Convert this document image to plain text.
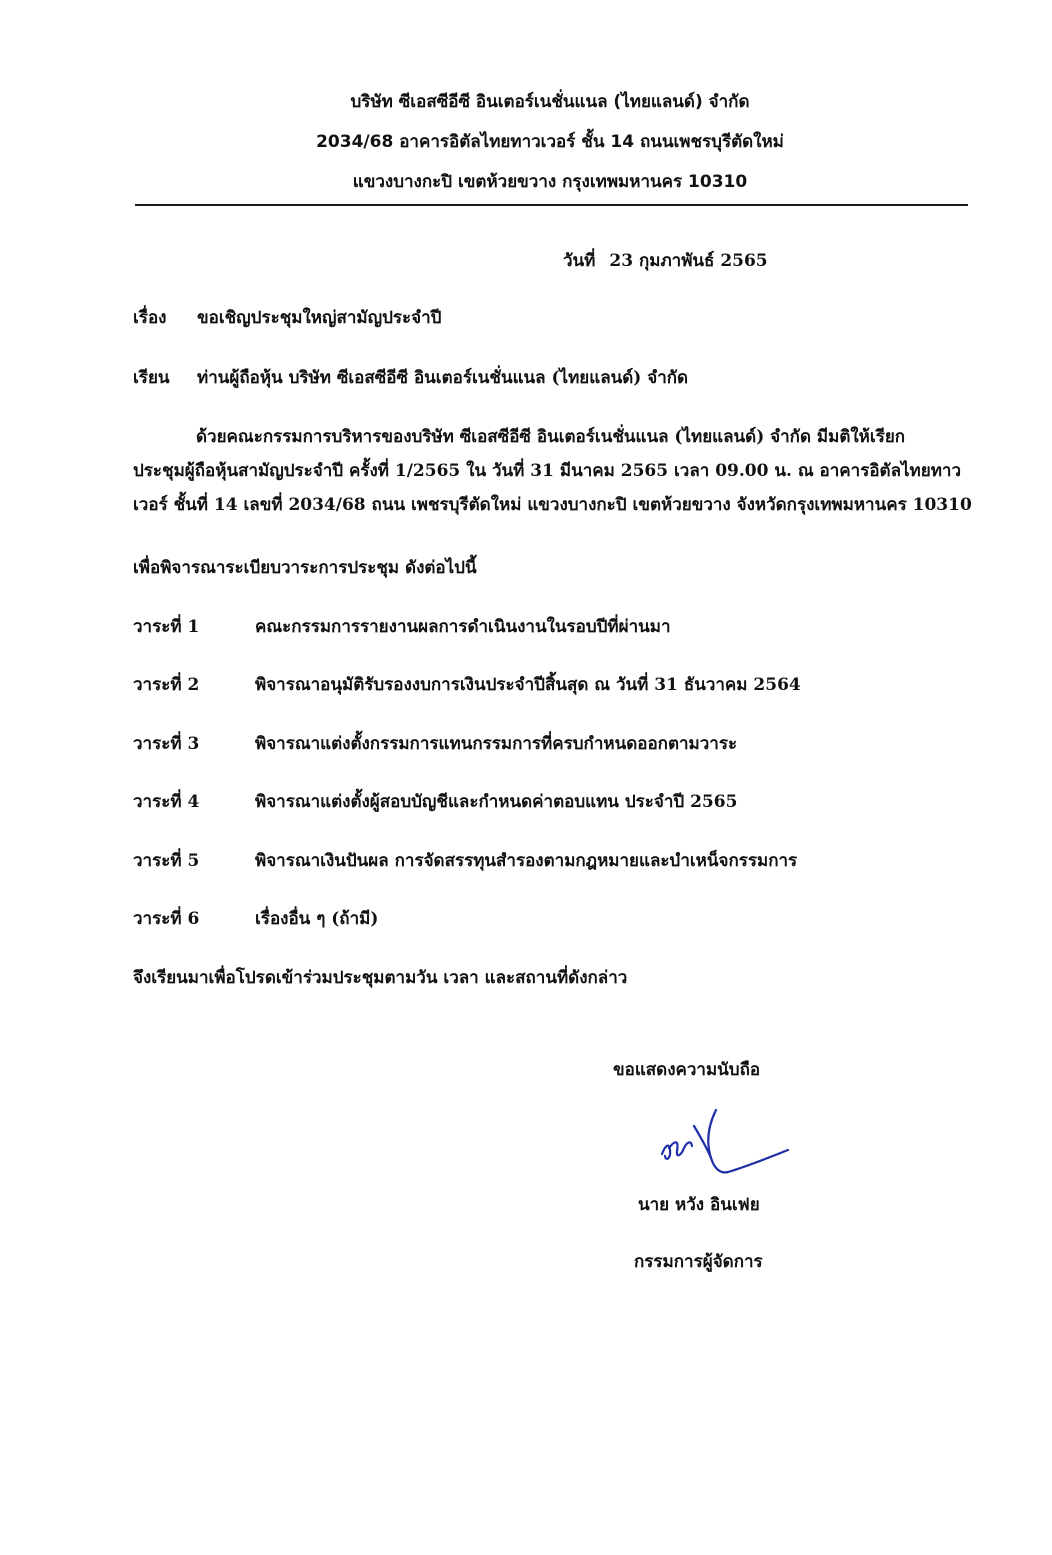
บริษัท ซีเอสซีอีซี อินเตอร์เนชั่นแนล (ไทยแลนด์) จำกัด
2034/68 อาคารอิตัลไทยทาวเวอร์ ชั้น 14 ถนนเพชรบุรีตัดใหม่
แขวงบางกะปิ เขตห้วยขวาง กรุงเทพมหานคร 10310
วันที่ 23 กุมภาพันธ์ 2565
เรื่อง ขอเชิญประชุมใหญ่สามัญประจำปี
เรียน ท่านผู้ถือหุ้น บริษัท ซีเอสซีอีซี อินเตอร์เนชั่นแนล (ไทยแลนด์) จำกัด
ด้วยคณะกรรมการบริหารของบริษัท ซีเอสซีอีซี อินเตอร์เนชั่นแนล (ไทยแลนด์) จำกัด มีมติให้เรียก
ประชุมผู้ถือหุ้นสามัญประจำปี ครั้งที่ 1/2565 ใน วันที่ 31 มีนาคม 2565 เวลา 09.00 น. ณ อาคารอิตัลไทยทาว
เวอร์ ชั้นที่ 14 เลขที่ 2034/68 ถนน เพชรบุรีตัดใหม่ แขวงบางกะปิ เขตห้วยขวาง จังหวัดกรุงเทพมหานคร 10310
เพื่อพิจารณาระเบียบวาระการประชุม ดังต่อไปนี้
วาระที่ 1	คณะกรรมการรายงานผลการดำเนินงานในรอบปีที่ผ่านมา
วาระที่ 2	พิจารณาอนุมัติรับรองงบการเงินประจำปีสิ้นสุด ณ วันที่ 31 ธันวาคม 2564
วาระที่ 3	พิจารณาแต่งตั้งกรรมการแทนกรรมการที่ครบกำหนดออกตามวาระ
วาระที่ 4	พิจารณาแต่งตั้งผู้สอบบัญชีและกำหนดค่าตอบแทน ประจำปี 2565
วาระที่ 5	พิจารณาเงินปันผล การจัดสรรทุนสำรองตามกฎหมายและบำเหน็จกรรมการ
วาระที่ 6	เรื่องอื่น ๆ (ถ้ามี)
จึงเรียนมาเพื่อโปรดเข้าร่วมประชุมตามวัน เวลา และสถานที่ดังกล่าว
ขอแสดงความนับถือ
นาย หวัง อินเฟย
กรรมการผู้จัดการ
